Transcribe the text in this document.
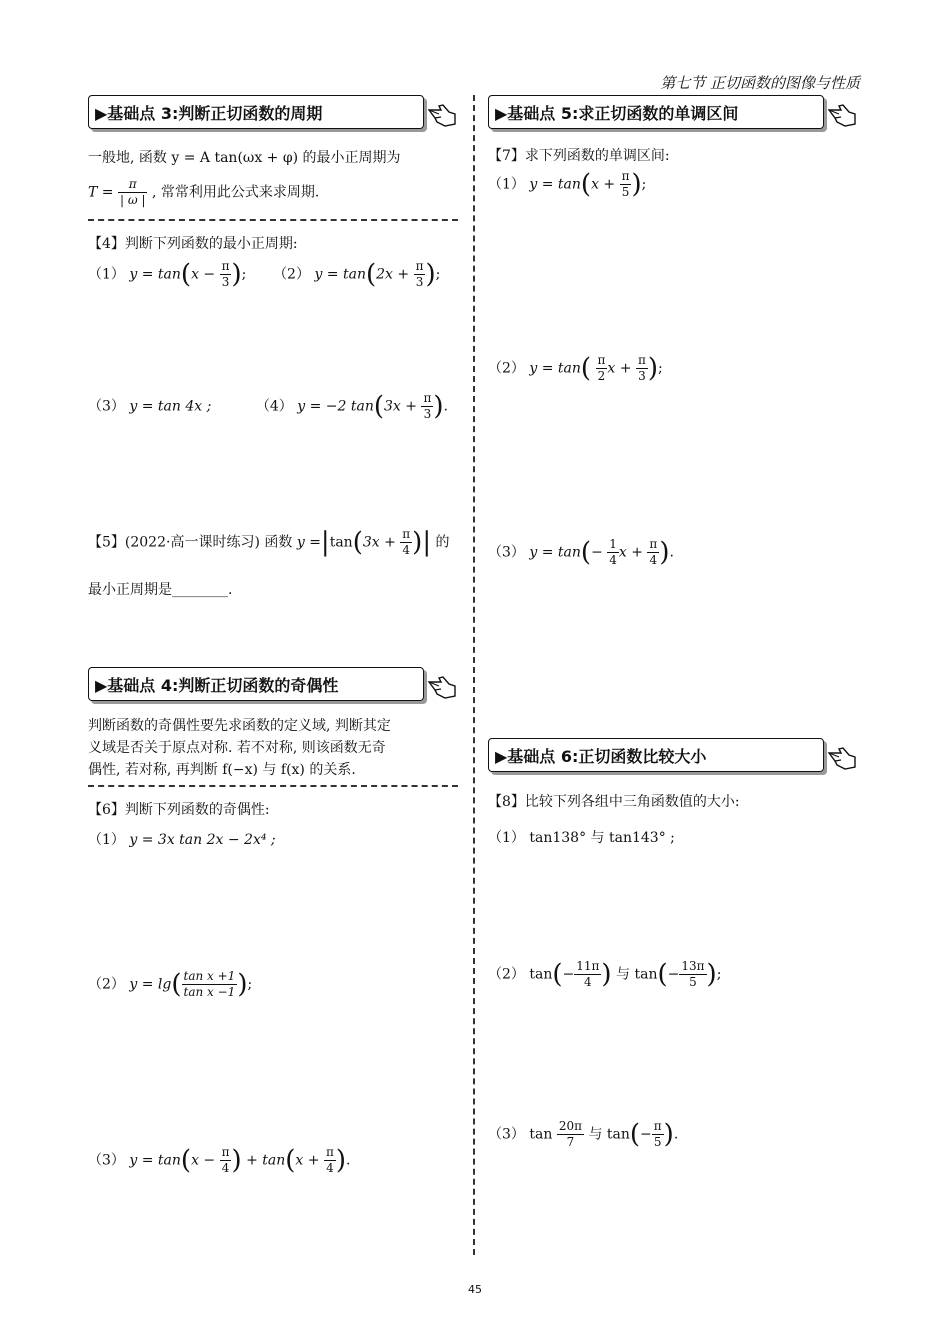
第七节 正切函数的图像与性质
▶基础点 3:判断正切函数的周期
一般地, 函数 y = A tan(ωx + φ) 的最小正周期为
$T = \frac{\pi}{| \omega |}$ , 常常利用此公式来求周期.
【4】判断下列函数的最小正周期:
（1） $y = \tan(x - \frac{\pi}{3}$ ); （2） $y = \tan(2x + \frac{\pi}{3}$ );
（3） y = tan 4x ;	（4） y = −2 $\tan(3x + \frac{\pi}{3}$ ).
【5】(2022·高一课时练习) 函数 $y =|\tan(3x + \frac{\pi}{4}$ )| 的
最小正周期是________.
▶基础点 4:判断正切函数的奇偶性
判断函数的奇偶性要先求函数的定义域, 判断其定
义域是否关于原点对称. 若不对称, 则该函数无奇
偶性, 若对称, 再判断 f(−x) 与 f(x) 的关系.
【6】判断下列函数的奇偶性:
（1） y = 3x tan 2x − 2x⁴ ;
（2） $y = \lg( \frac{\text{tan x +1}}{\text{tan x −1}}$ );
（3） $y = \tan(x - \frac{\pi}{4}$ ) + $\tan(x + \frac{\pi}{4}$ ).
▶基础点 5:求正切函数的单调区间
【7】求下列函数的单调区间:
（1） $y = \tan(x + \frac{\pi}{5}$ );
（2） $y = \tan( \frac{\pi}{2}$ $x + \frac{\pi}{3}$ );
（3） $y = \tan(- \frac{1}{4}$ $x + \frac{\pi}{4}$ ).
▶基础点 6:正切函数比较大小
【8】比较下列各组中三角函数值的大小:
（1） tan138° 与 tan143° ;
（2） $\tan(- \frac{11\pi}{4}$ ) 与 $\tan(- \frac{13\pi}{5}$ );
（3） $\tan \frac{20\pi}{7}$ 与 $\tan(- \frac{\pi}{5}$ ).
45
